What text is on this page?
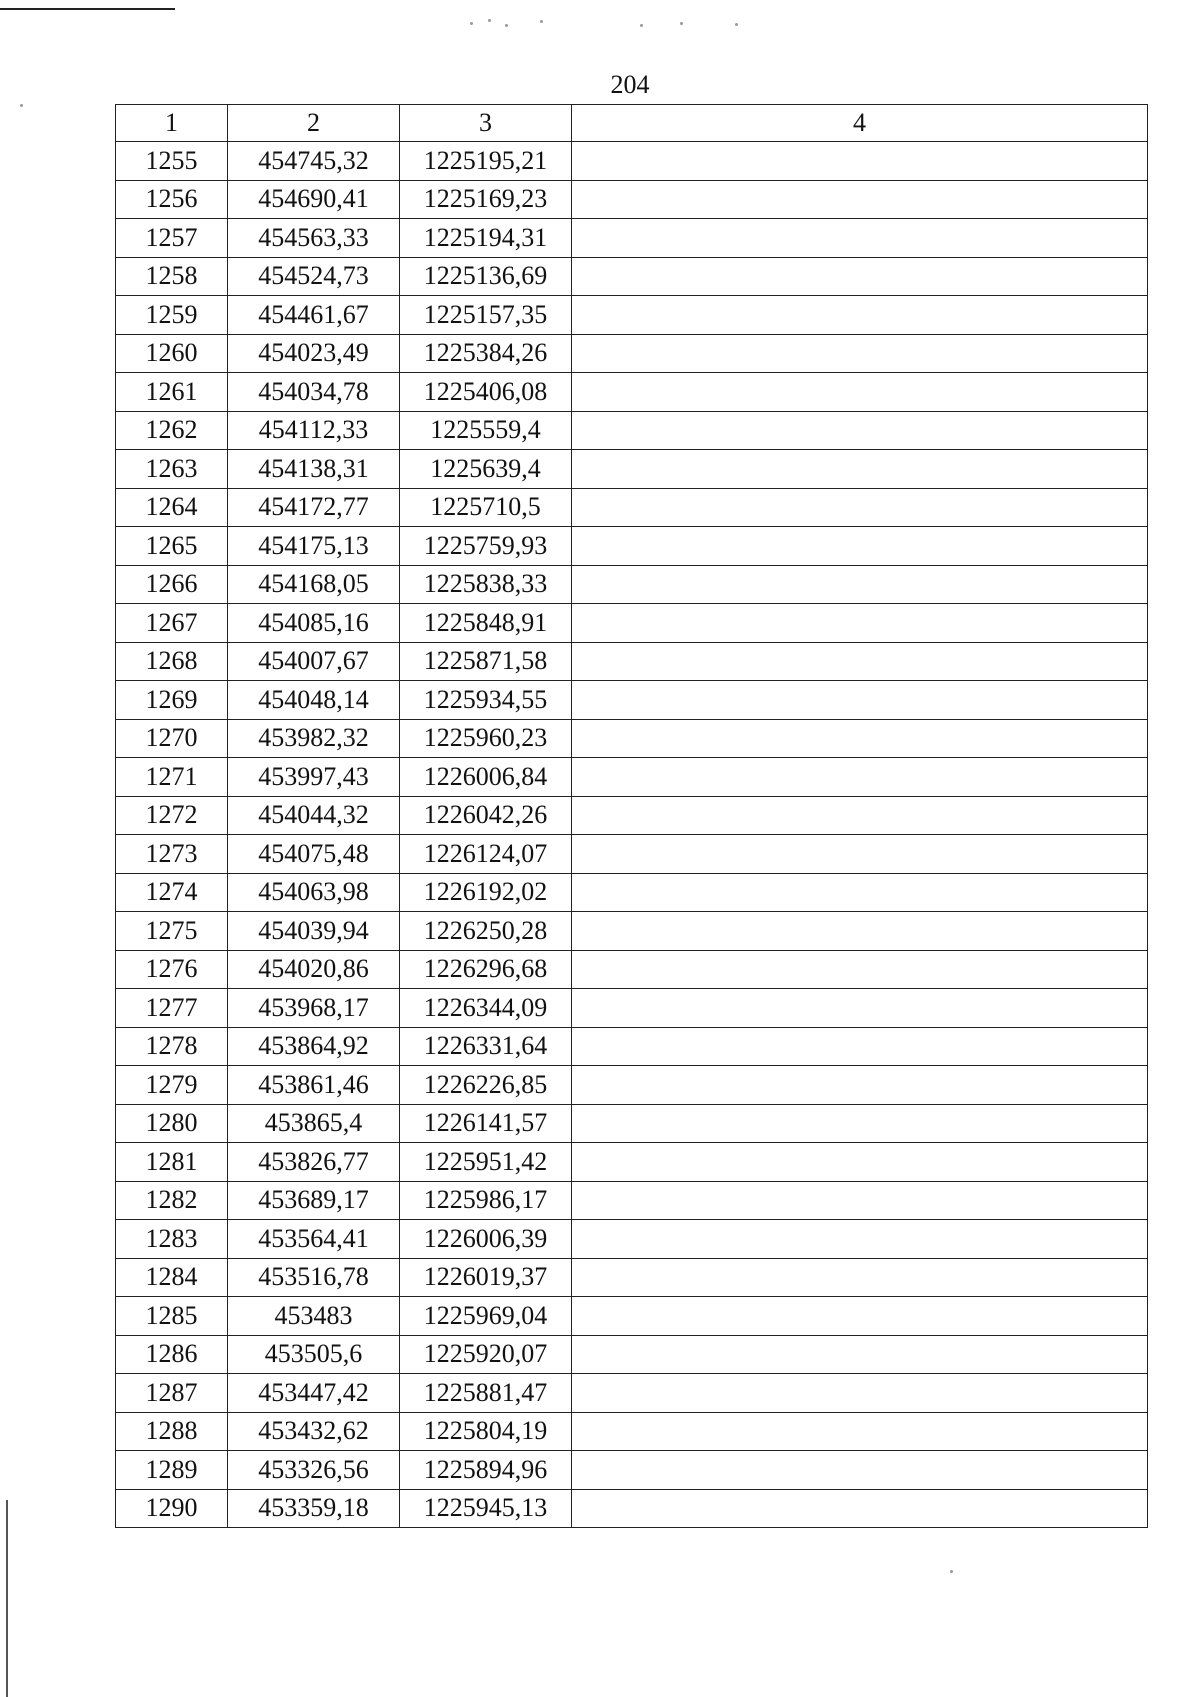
204
1	2	3	4
1255	454745,32	1225195,21	
1256	454690,41	1225169,23	
1257	454563,33	1225194,31	
1258	454524,73	1225136,69	
1259	454461,67	1225157,35	
1260	454023,49	1225384,26	
1261	454034,78	1225406,08	
1262	454112,33	1225559,4	
1263	454138,31	1225639,4	
1264	454172,77	1225710,5	
1265	454175,13	1225759,93	
1266	454168,05	1225838,33	
1267	454085,16	1225848,91	
1268	454007,67	1225871,58	
1269	454048,14	1225934,55	
1270	453982,32	1225960,23	
1271	453997,43	1226006,84	
1272	454044,32	1226042,26	
1273	454075,48	1226124,07	
1274	454063,98	1226192,02	
1275	454039,94	1226250,28	
1276	454020,86	1226296,68	
1277	453968,17	1226344,09	
1278	453864,92	1226331,64	
1279	453861,46	1226226,85	
1280	453865,4	1226141,57	
1281	453826,77	1225951,42	
1282	453689,17	1225986,17	
1283	453564,41	1226006,39	
1284	453516,78	1226019,37	
1285	453483	1225969,04	
1286	453505,6	1225920,07	
1287	453447,42	1225881,47	
1288	453432,62	1225804,19	
1289	453326,56	1225894,96	
1290	453359,18	1225945,13	
